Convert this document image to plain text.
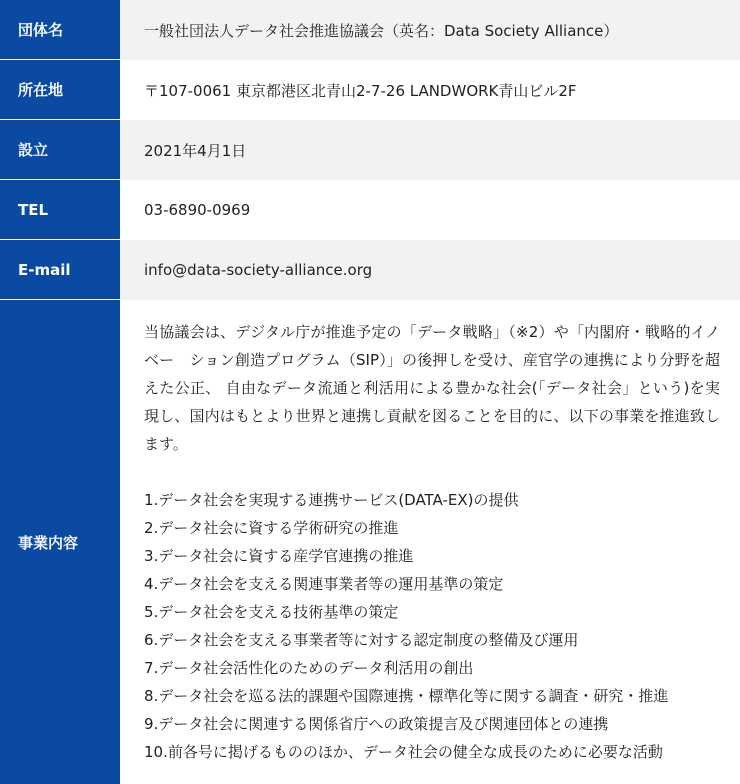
団体名	一般社団法人データ社会推進協議会（英名：Data Society Alliance）
所在地	〒107-0061 東京都港区北青山2-7-26 LANDWORK青山ビル2F
設立	2021年4月1日
TEL	03-6890-0969
E-mail	info@data-society-alliance.org
事業内容

当協議会は、デジタル庁が推進予定の「データ戦略」（※2）や「内閣府・戦略的イノベー　ション創造プログラム（SIP）」の後押しを受け、産官学の連携により分野を超えた公正、 自由なデータ流通と利活用による豊かな社会(「データ社会」という)を実現し、国内はもとより世界と連携し貢献を図ることを目的に、以下の事業を推進致します。

1.データ社会を実現する連携サービス(DATA-EX)の提供
2.データ社会に資する学術研究の推進
3.データ社会に資する産学官連携の推進
4.データ社会を支える関連事業者等の運用基準の策定
5.データ社会を支える技術基準の策定
6.データ社会を支える事業者等に対する認定制度の整備及び運用
7.データ社会活性化のためのデータ利活用の創出
8.データ社会を巡る法的課題や国際連携・標準化等に関する調査・研究・推進
9.データ社会に関連する関係省庁への政策提言及び関連団体との連携
10.前各号に掲げるもののほか、データ社会の健全な成長のために必要な活動
